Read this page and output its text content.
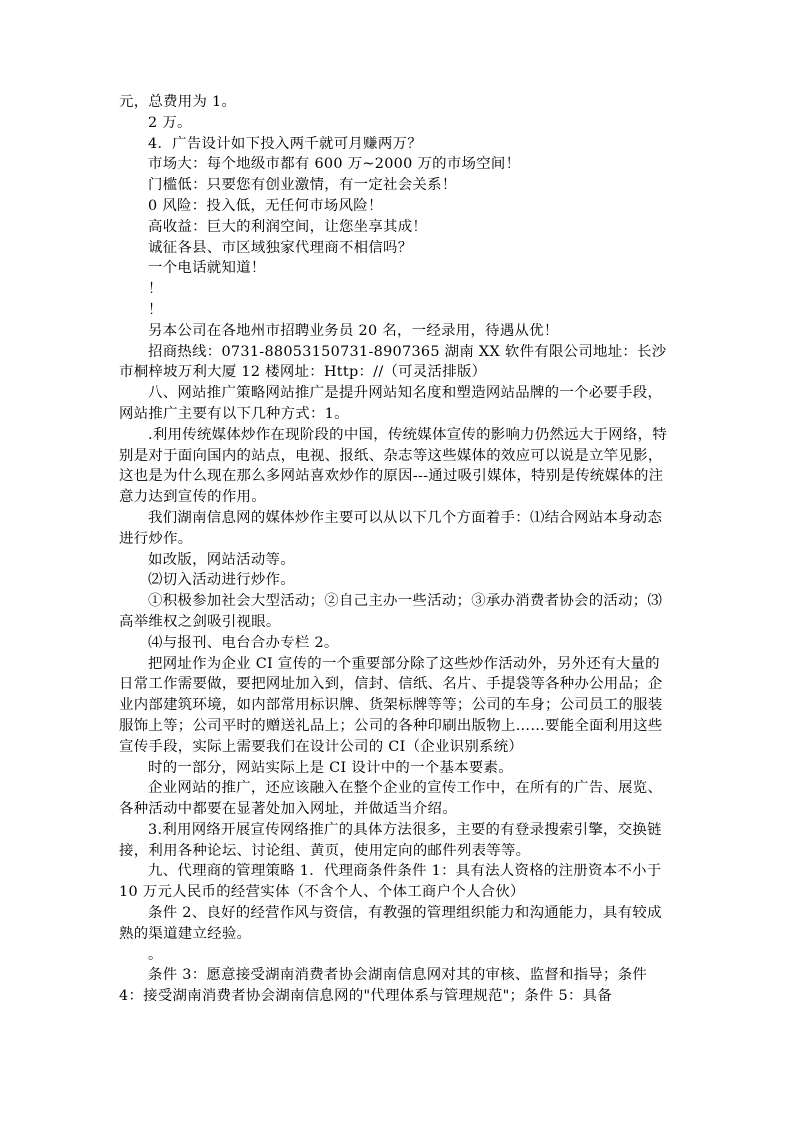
元，总费用为 1。

2 万。

4．广告设计如下投入两千就可月赚两万？

市场大：每个地级市都有 600 万~2000 万的市场空间！

门槛低：只要您有创业激情，有一定社会关系！

0 风险：投入低，无任何市场风险！

高收益：巨大的利润空间，让您坐享其成！

诚征各县、市区域独家代理商不相信吗？

一个电话就知道！

！

！

另本公司在各地州市招聘业务员 20 名，一经录用，待遇从优！

招商热线：0731-88053150731-8907365 湖南 XX 软件有限公司地址：长沙市桐梓坡万利大厦 12 楼网址：Http：//（可灵活排版）

八、网站推广策略网站推广是提升网站知名度和塑造网站品牌的一个必要手段，网站推广主要有以下几种方式：1。

.利用传统媒体炒作在现阶段的中国，传统媒体宣传的影响力仍然远大于网络，特别是对于面向国内的站点，电视、报纸、杂志等这些媒体的效应可以说是立竿见影，这也是为什么现在那么多网站喜欢炒作的原因---通过吸引媒体，特别是传统媒体的注意力达到宣传的作用。

我们湖南信息网的媒体炒作主要可以从以下几个方面着手：⑴结合网站本身动态进行炒作。

如改版，网站活动等。

⑵切入活动进行炒作。

①积极参加社会大型活动；②自己主办一些活动；③承办消费者协会的活动；⑶高举维权之剑吸引视眼。

⑷与报刊、电台合办专栏 2。

把网址作为企业 CI 宣传的一个重要部分除了这些炒作活动外，另外还有大量的日常工作需要做，要把网址加入到，信封、信纸、名片、手提袋等各种办公用品；企业内部建筑环境，如内部常用标识牌、货架标牌等等；公司的车身；公司员工的服装服饰上等；公司平时的赠送礼品上；公司的各种印刷出版物上……要能全面利用这些宣传手段，实际上需要我们在设计公司的 CI（企业识别系统）

时的一部分，网站实际上是 CI 设计中的一个基本要素。

企业网站的推广，还应该融入在整个企业的宣传工作中，在所有的广告、展览、各种活动中都要在显著处加入网址，并做适当介绍。

3.利用网络开展宣传网络推广的具体方法很多，主要的有登录搜索引擎，交换链接，利用各种论坛、讨论组、黄页，使用定向的邮件列表等等。

九、代理商的管理策略 1．代理商条件条件 1：具有法人资格的注册资本不小于 10 万元人民币的经营实体（不含个人、个体工商户个人合伙）

条件 2、良好的经营作风与资信，有教强的管理组织能力和沟通能力，具有较成熟的渠道建立经验。

。

条件 3：愿意接受湖南消费者协会湖南信息网对其的审核、监督和指导；条件 4：接受湖南消费者协会湖南信息网的"代理体系与管理规范"；条件 5：具备
